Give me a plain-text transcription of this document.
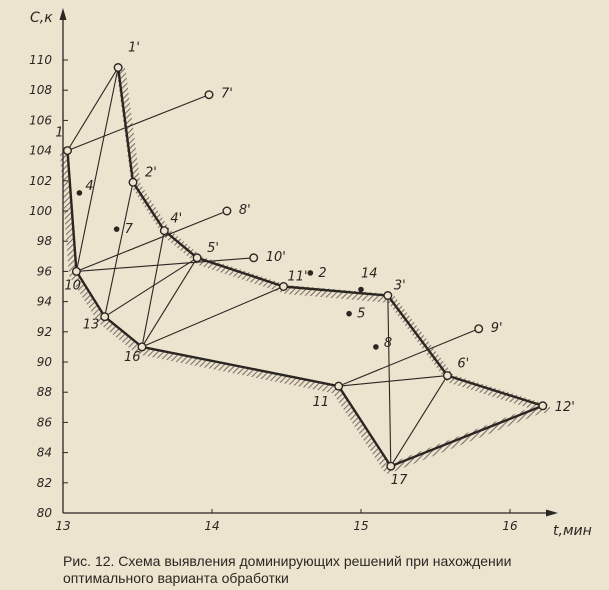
13	14	15	16
80
82
84
86
88
90
92
94
96
98
100
102
104
106
108
110
С,к
t,мин
1
1'
7'
2'
8'
4'
5'
10'
10
11'
3'
13	9'
16	6'
11	12'
17
4
7
2	14
5
8
Рис. 12. Схема выявления доминирующих решений при нахождении оптимального варианта обработки
